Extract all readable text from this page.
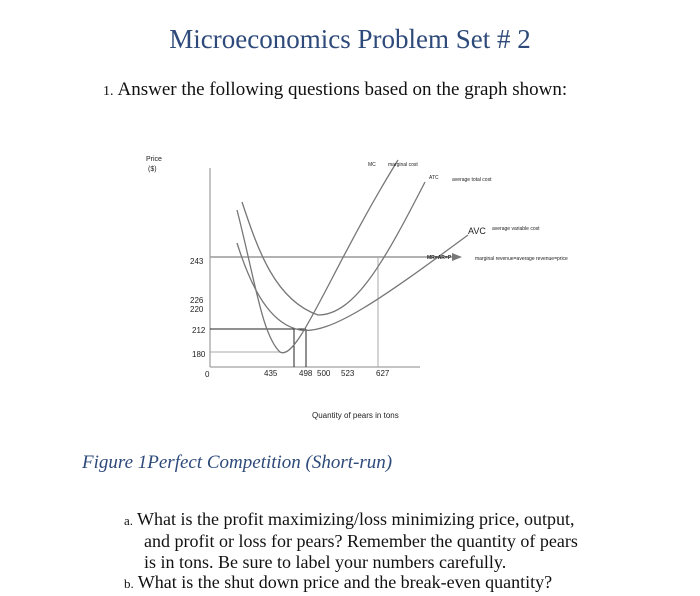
Microeconomics Problem Set # 2
1. Answer the following questions based on the graph shown:
Price
($)
243
226
220
212
180
0	435	498 500 523	627
Quantity of pears in tons
MC marginal cost
ATC	average total cost
AVC average variable cost
MR=AR=P	marginal revenue=average revenue=price
Figure 1Perfect Competition (Short-run)
a. What is the profit maximizing/loss minimizing price, output,
and profit or loss for pears? Remember the quantity of pears
is in tons. Be sure to label your numbers carefully.
b. What is the shut down price and the break-even quantity?
